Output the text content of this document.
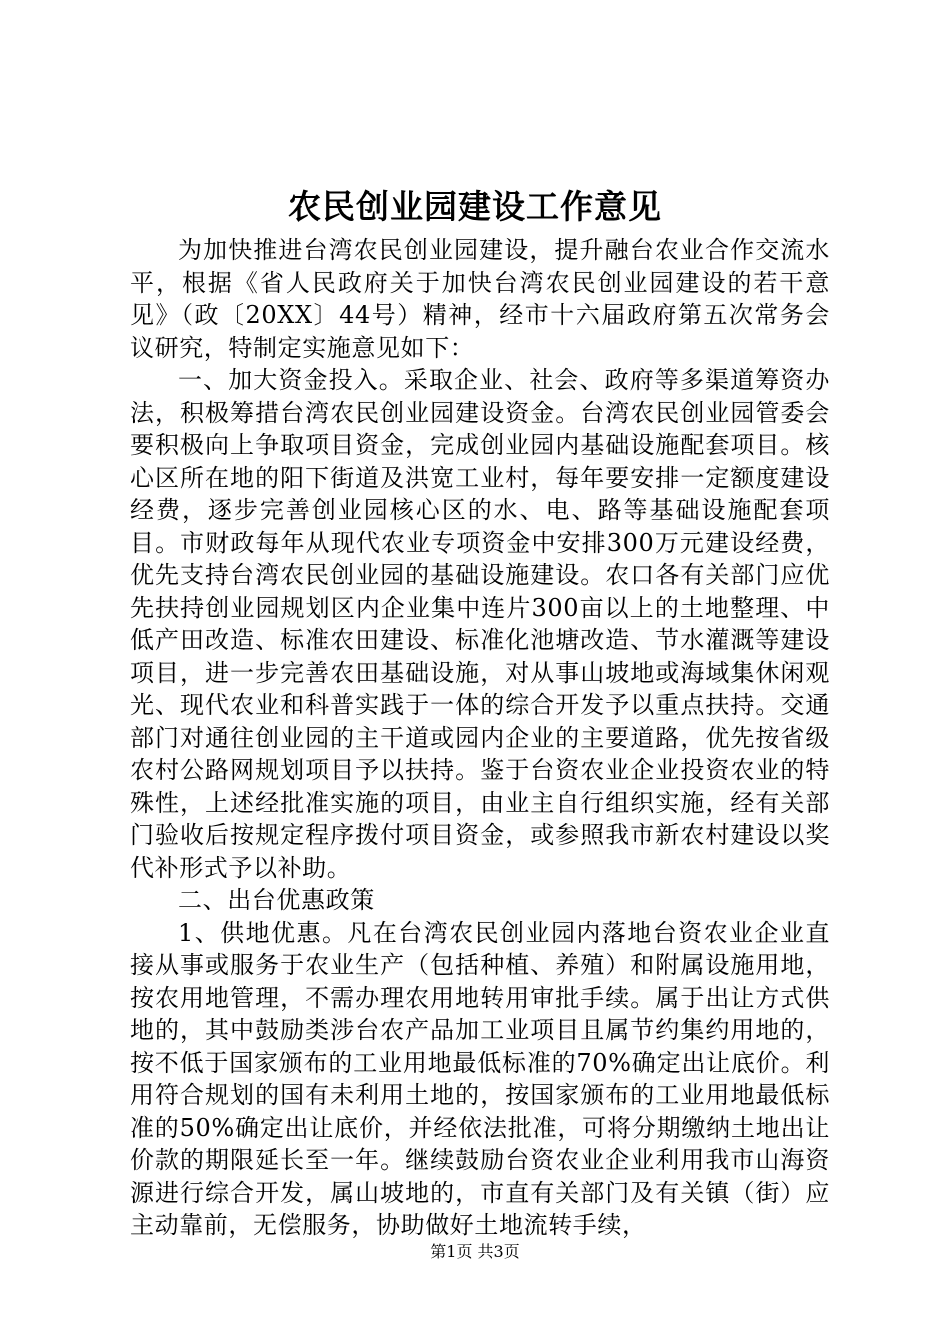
农民创业园建设工作意见

为加快推进台湾农民创业园建设，提升融台农业合作交流水平，根据《省人民政府关于加快台湾农民创业园建设的若干意见》（政〔20XX〕44号）精神，经市十六届政府第五次常务会议研究，特制定实施意见如下：

一、加大资金投入。采取企业、社会、政府等多渠道筹资办法，积极筹措台湾农民创业园建设资金。台湾农民创业园管委会要积极向上争取项目资金，完成创业园内基础设施配套项目。核心区所在地的阳下街道及洪宽工业村，每年要安排一定额度建设经费，逐步完善创业园核心区的水、电、路等基础设施配套项目。市财政每年从现代农业专项资金中安排300万元建设经费，优先支持台湾农民创业园的基础设施建设。农口各有关部门应优先扶持创业园规划区内企业集中连片300亩以上的土地整理、中低产田改造、标准农田建设、标准化池塘改造、节水灌溉等建设项目，进一步完善农田基础设施，对从事山坡地或海域集休闲观光、现代农业和科普实践于一体的综合开发予以重点扶持。交通部门对通往创业园的主干道或园内企业的主要道路，优先按省级农村公路网规划项目予以扶持。鉴于台资农业企业投资农业的特殊性，上述经批准实施的项目，由业主自行组织实施，经有关部门验收后按规定程序拨付项目资金，或参照我市新农村建设以奖代补形式予以补助。

二、出台优惠政策

1、供地优惠。凡在台湾农民创业园内落地台资农业企业直接从事或服务于农业生产（包括种植、养殖）和附属设施用地，按农用地管理，不需办理农用地转用审批手续。属于出让方式供地的，其中鼓励类涉台农产品加工业项目且属节约集约用地的，按不低于国家颁布的工业用地最低标准的70%确定出让底价。利用符合规划的国有未利用土地的，按国家颁布的工业用地最低标准的50%确定出让底价，并经依法批准，可将分期缴纳土地出让价款的期限延长至一年。继续鼓励台资农业企业利用我市山海资源进行综合开发，属山坡地的，市直有关部门及有关镇（街）应主动靠前，无偿服务，协助做好土地流转手续，

第1页 共3页
